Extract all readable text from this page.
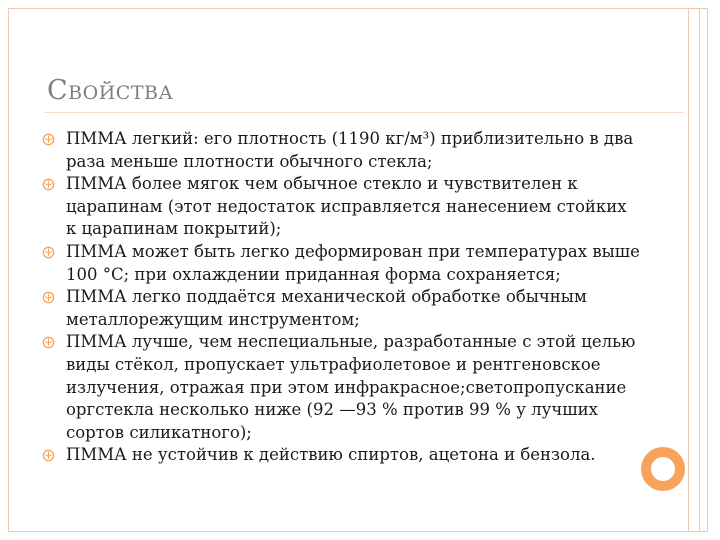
СВОЙСТВА
ПММА легкий: его плотность (1190 кг/м³) приблизительно в два раза меньше плотности обычного стекла;
ПММА более мягок чем обычное стекло и чувствителен к царапинам (этот недостаток исправляется нанесением стойких к царапинам покрытий);
ПММА может быть легко деформирован при температурах выше 100 °C; при охлаждении приданная форма сохраняется;
ПММА легко поддаётся механической обработке обычным металлорежущим инструментом;
ПММА лучше, чем неспециальные, разработанные с этой целью виды стёкол, пропускает ультрафиолетовое и рентгеновское излучения, отражая при этом инфракрасное;светопропускание оргстекла несколько ниже (92 —93 % против 99 % у лучших сортов силикатного);
ПММА не устойчив к действию спиртов, ацетона и бензола.
